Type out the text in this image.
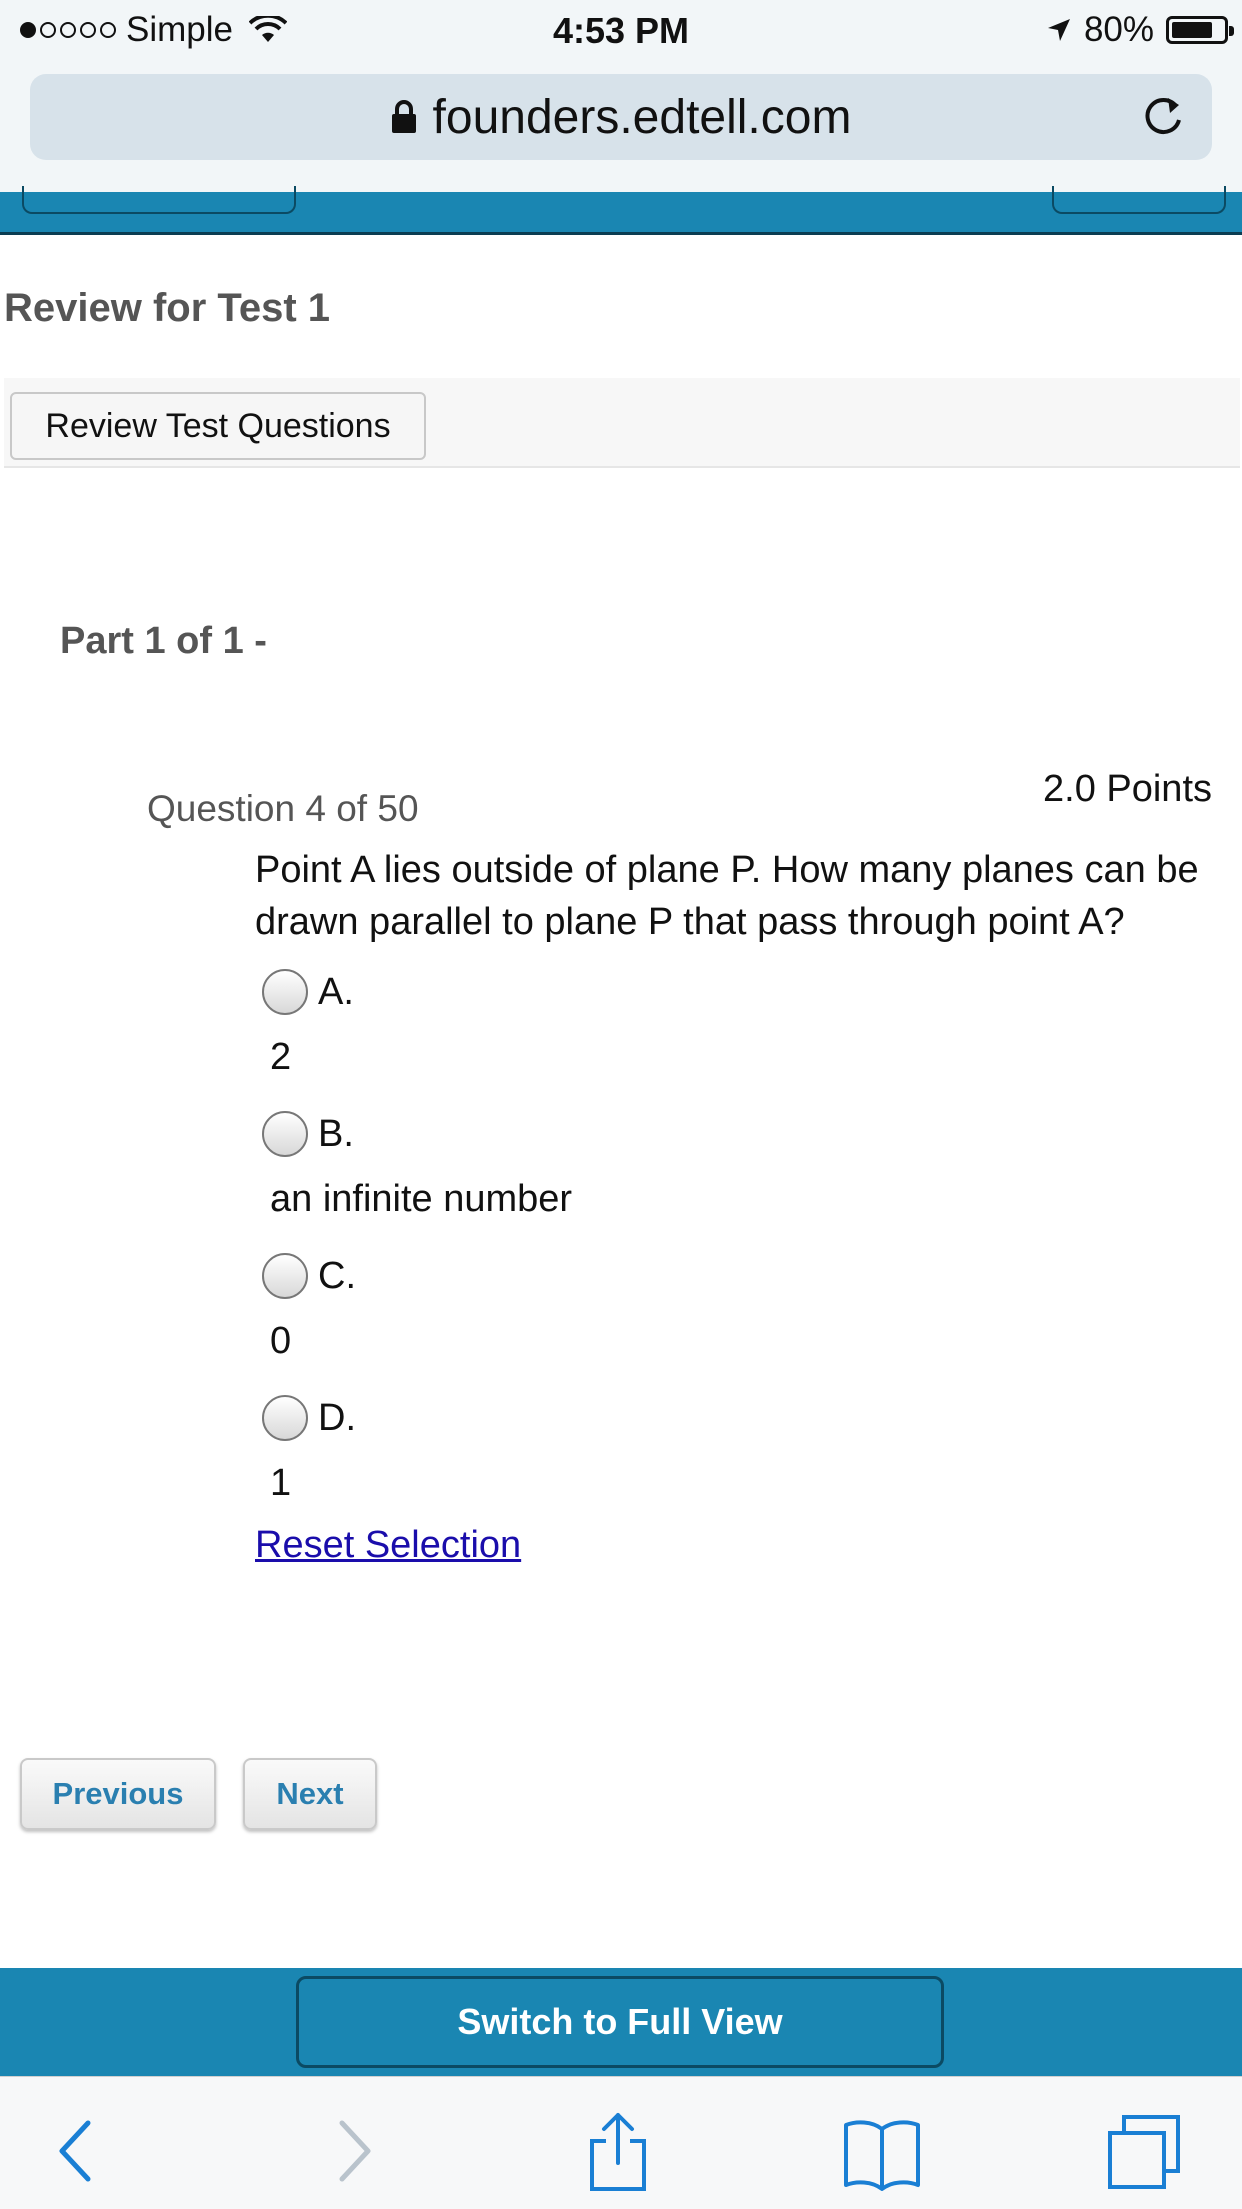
Simple	4:53 PM	80%
founders.edtell.com
Review for Test 1
Review Test Questions
Part 1 of 1 -
2.0 Points
Question 4 of 50
Point A lies outside of plane P. How many planes can be drawn parallel to plane P that pass through point A?
A.
2
B.
an infinite number
C.
0
D.
1
Reset Selection
Previous	Next
Switch to Full View
